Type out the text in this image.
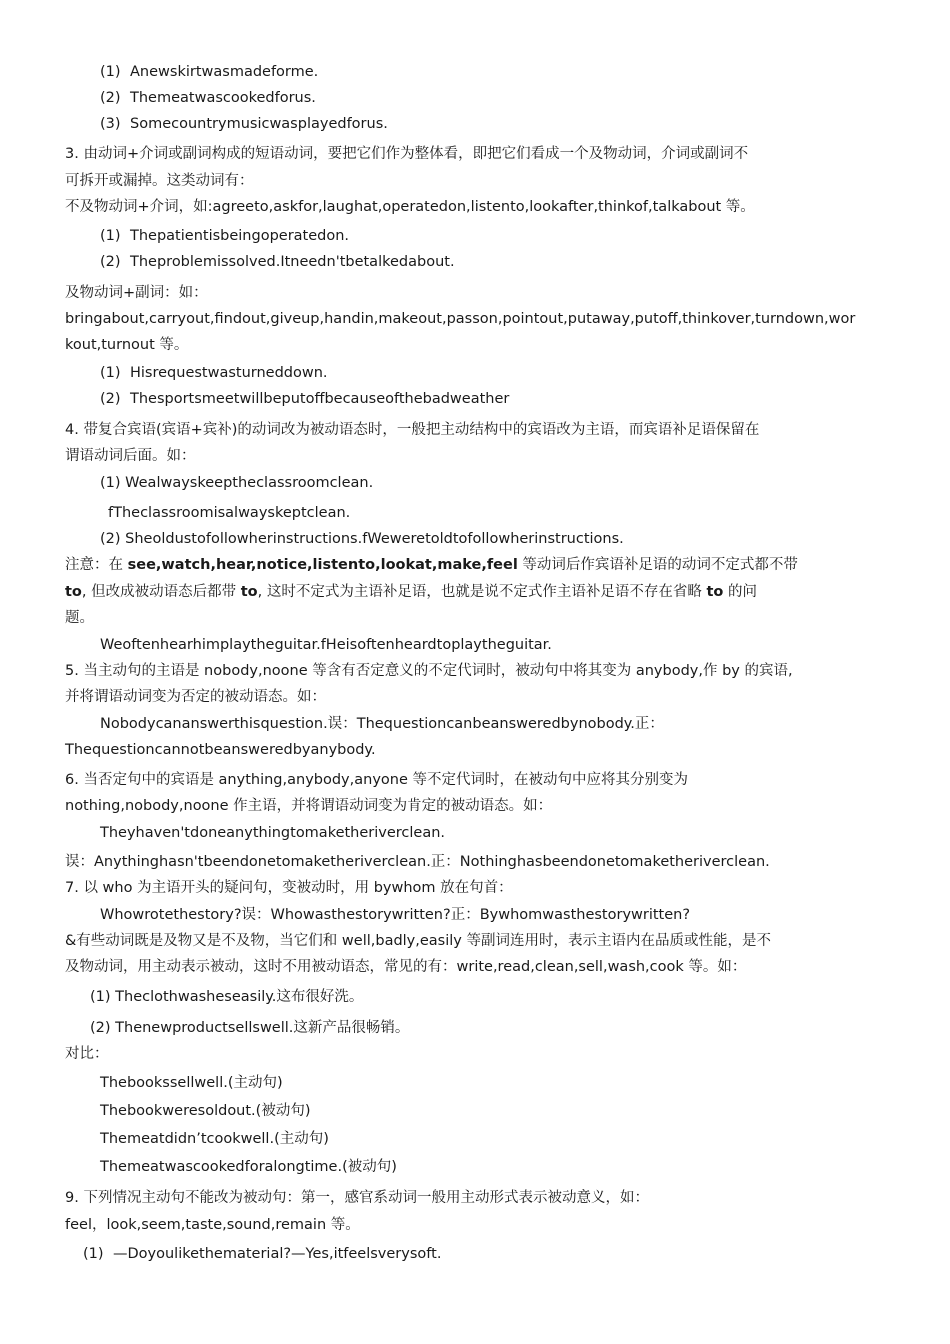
(1) Anewskirtwasmadeforme.
(2) Themeatwascookedforus.
(3) Somecountrymusicwasplayedforus.
3. 由动词+介词或副词构成的短语动词，要把它们作为整体看，即把它们看成一个及物动词，介词或副词不
可拆开或漏掉。这类动词有：
不及物动词+介词，如:agreeto,askfor,laughat,operatedon,listento,lookafter,thinkof,talkabout 等。
(1) Thepatientisbeingoperatedon.
(2) Theproblemissolved.Itneedn'tbetalkedabout.
及物动词+副词：如：
bringabout,carryout,findout,giveup,handin,makeout,passon,pointout,putaway,putoff,thinkover,turndown,wor
kout,turnout 等。
(1) Hisrequestwasturneddown.
(2) Thesportsmeetwillbeputoffbecauseofthebadweather
4. 带复合宾语(宾语+宾补)的动词改为被动语态时，一般把主动结构中的宾语改为主语，而宾语补足语保留在
谓语动词后面。如：
(1) Wealwayskeeptheclassroomclean.
fTheclassroomisalwayskeptclean.
(2) Sheoldustofollowherinstructions.fWeweretoldtofollowherinstructions.
注意：在 see,watch,hear,notice,listento,lookat,make,feel 等动词后作宾语补足语的动词不定式都不带
to, 但改成被动语态后都带 to, 这时不定式为主语补足语，也就是说不定式作主语补足语不存在省略 to 的问
题。
Weoftenhearhimplaytheguitar.fHeisoftenheardtoplaytheguitar.
5. 当主动句的主语是 nobody,noone 等含有否定意义的不定代词时，被动句中将其变为 anybody,作 by 的宾语,
并将谓语动词变为否定的被动语态。如：
Nobodycananswerthisquestion.误：Thequestioncanbeansweredbynobody.正：
Thequestioncannotbeansweredbyanybody.
6. 当否定句中的宾语是 anything,anybody,anyone 等不定代词时，在被动句中应将其分别变为
nothing,nobody,noone 作主语，并将谓语动词变为肯定的被动语态。如：
Theyhaven'tdoneanythingtomaketheriverclean.
误：Anythinghasn'tbeendonetomaketheriverclean.正：Nothinghasbeendonetomaketheriverclean.
7. 以 who 为主语开头的疑问句，变被动时，用 bywhom 放在句首：
Whowrotethestory?误：Whowasthestorywritten?正：Bywhomwasthestorywritten?
&有些动词既是及物又是不及物，当它们和 well,badly,easily 等副词连用时，表示主语内在品质或性能，是不
及物动词，用主动表示被动，这时不用被动语态，常见的有：write,read,clean,sell,wash,cook 等。如：
(1) Theclothwasheseasily.这布很好洗。
(2) Thenewproductsellswell.这新产品很畅销。
对比：
Thebookssellwell.(主动句)
Thebookweresoldout.(被动句)
Themeatdidn’tcookwell.(主动句)
Themeatwascookedforalongtime.(被动句)
9. 下列情况主动句不能改为被动句：第一，感官系动词一般用主动形式表示被动意义，如：
feel，look,seem,taste,sound,remain 等。
(1) —Doyoulikethematerial?—Yes,itfeelsverysoft.
